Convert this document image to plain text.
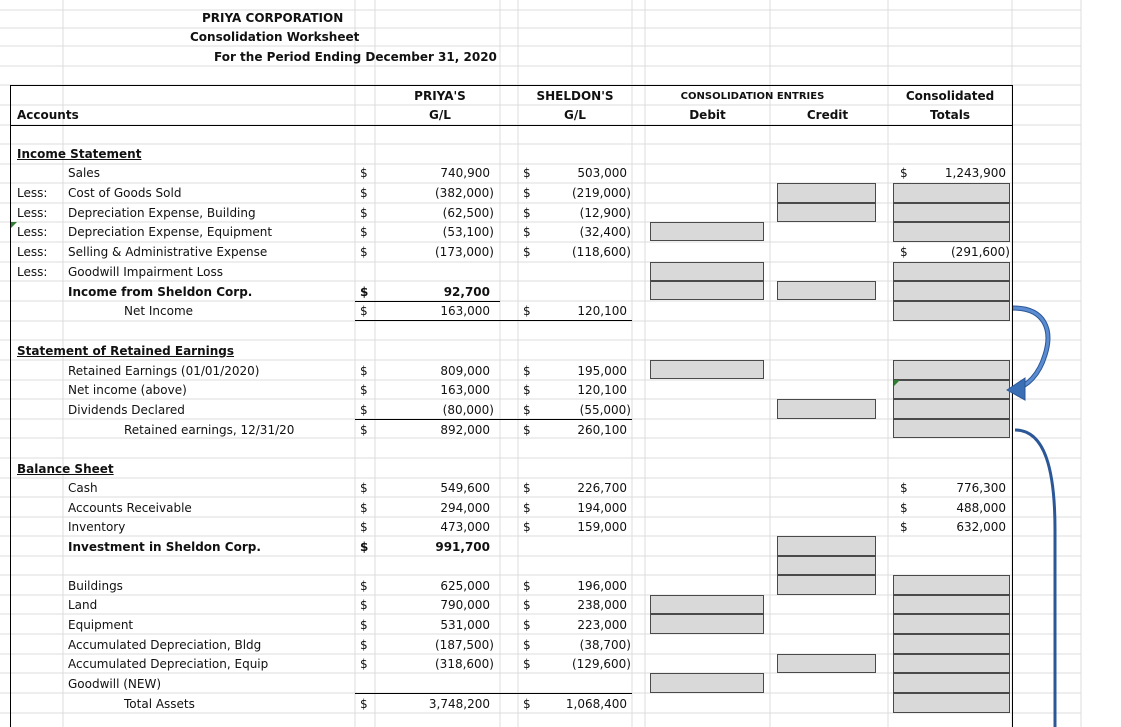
PRIYA CORPORATION
Consolidation Worksheet
For the Period Ending December 31, 2020
Accounts
PRIYA'S
G/L
SHELDON'S
G/L
CONSOLIDATION ENTRIES
Debit	Credit
Consolidated
Totals
Income Statement
Sales	$	740,900	$	503,000	$	1,243,900
Less: Cost of Goods Sold	$	(382,000) $	(219,000)
Less: Depreciation Expense, Building	$	(62,500) $	(12,900)
Less: Depreciation Expense, Equipment	$	(53,100) $	(32,400)
Less: Selling & Administrative Expense	$	(173,000) $	(118,600)	$	(291,600)
Less: Goodwill Impairment Loss
Income from Sheldon Corp.	$	92,700
Net Income	$	163,000	$	120,100
Statement of Retained Earnings
Retained Earnings (01/01/2020)	$	809,000	$	195,000
Net income (above)	$	163,000	$	120,100
Dividends Declared	$	(80,000) $	(55,000)
Retained earnings, 12/31/20	$	892,000	$	260,100
Balance Sheet
Cash	$	549,600	$	226,700	$	776,300
Accounts Receivable	$	294,000	$	194,000	$	488,000
Inventory	$	473,000	$	159,000	$	632,000
Investment in Sheldon Corp.	$	991,700
Buildings	$	625,000	$	196,000
Land	$	790,000	$	238,000
Equipment	$	531,000	$	223,000
Accumulated Depreciation, Bldg	$	(187,500) $	(38,700)
Accumulated Depreciation, Equip	$	(318,600) $	(129,600)
Goodwill (NEW)
Total Assets	$	3,748,200	$	1,068,400
